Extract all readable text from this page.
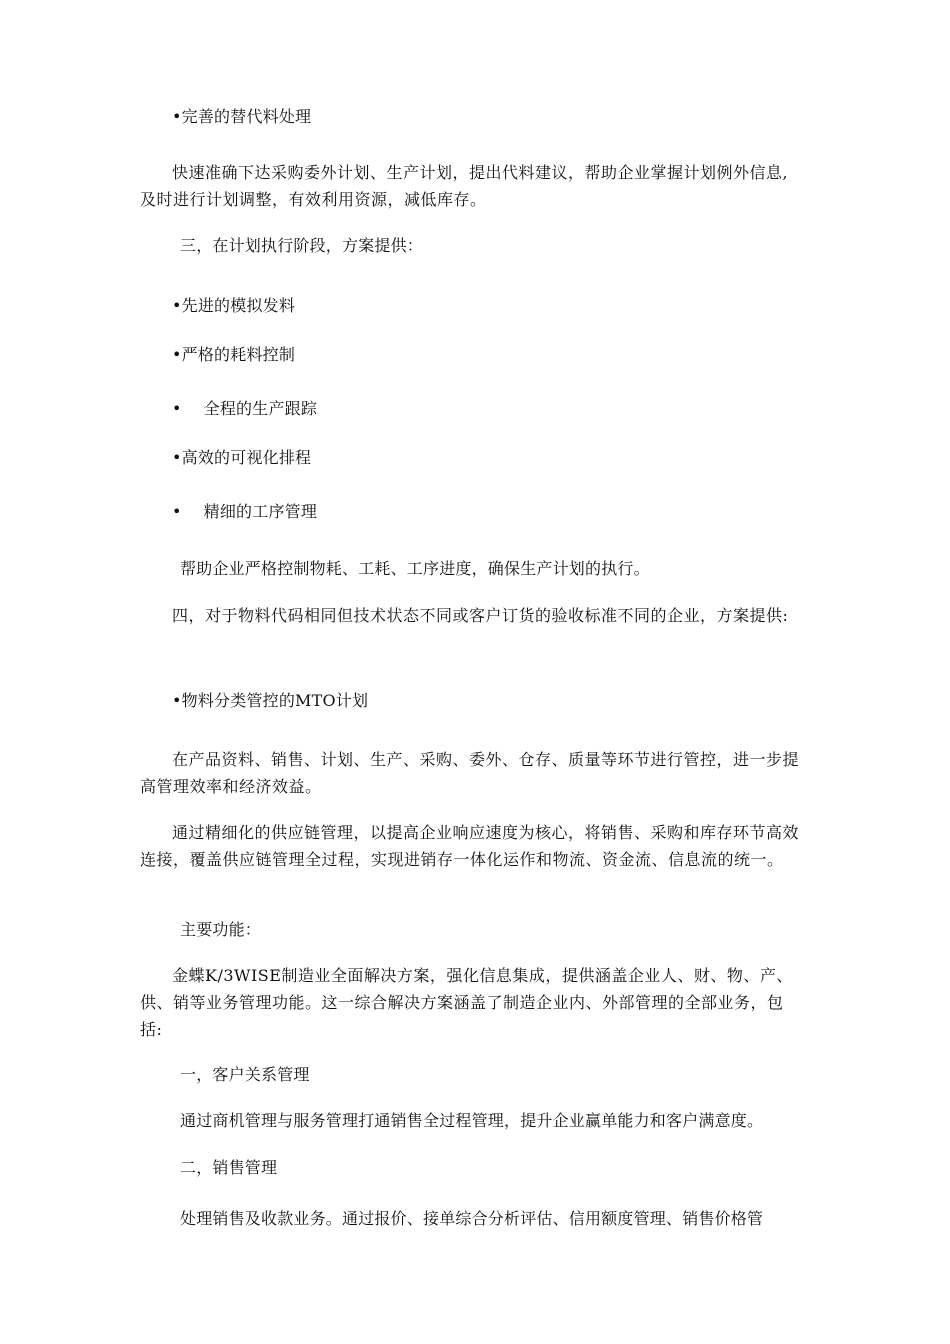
•完善的替代料处理
快速准确下达采购委外计划、生产计划，提出代料建议，帮助企业掌握计划例外信息,及时进行计划调整，有效利用资源，减低库存。
三，在计划执行阶段，方案提供：
•先进的模拟发料
•严格的耗料控制
• 全程的生产跟踪
•高效的可视化排程
• 精细的工序管理
帮助企业严格控制物耗、工耗、工序进度，确保生产计划的执行。
四，对于物料代码相同但技术状态不同或客户订货的验收标准不同的企业，方案提供:
•物料分类管控的MTO计划
在产品资料、销售、计划、生产、采购、委外、仓存、质量等环节进行管控，进一步提高管理效率和经济效益。
通过精细化的供应链管理，以提高企业响应速度为核心，将销售、采购和库存环节高效连接，覆盖供应链管理全过程，实现进销存一体化运作和物流、资金流、信息流的统一。
主要功能：
金蝶K/3WISE制造业全面解决方案，强化信息集成，提供涵盖企业人、财、物、产、供、销等业务管理功能。这一综合解决方案涵盖了制造企业内、外部管理的全部业务，包括:
一，客户关系管理
通过商机管理与服务管理打通销售全过程管理，提升企业赢单能力和客户满意度。
二，销售管理
处理销售及收款业务。通过报价、接单综合分析评估、信用额度管理、销售价格管
